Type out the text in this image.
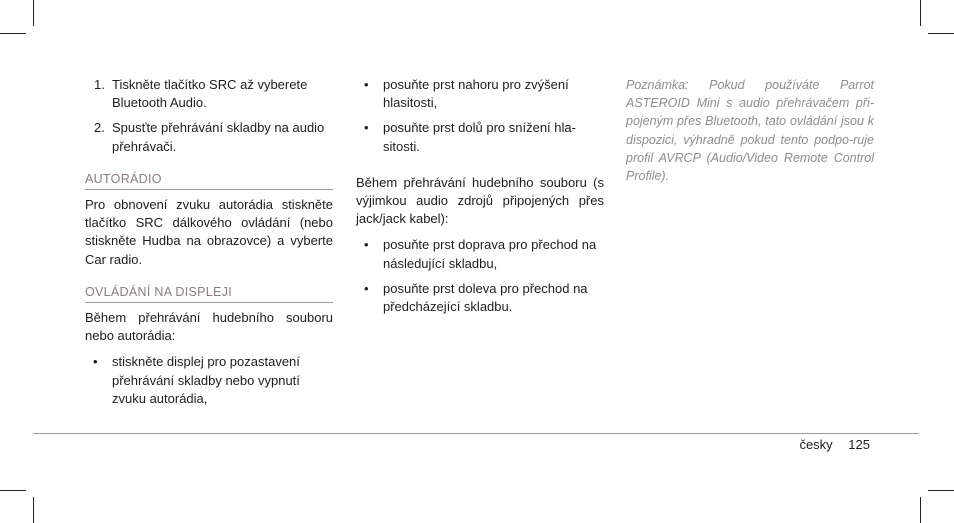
1. Tiskněte tlačítko SRC až vyberete Bluetooth Audio.
2. Spusťte přehrávání skladby na audio přehrávači.
AUTORÁDIO

Pro obnovení zvuku autorádia stiskněte tlačítko SRC dálkového ovládání (nebo stiskněte Hudba na obrazovce) a vyberte Car radio.

OVLÁDÁNÍ NA DISPLEJI

Během přehrávání hudebního souboru nebo autorádia:

• stiskněte displej pro pozastavení přehrávání skladby nebo vypnutí zvuku autorádia,
• posuňte prst nahoru pro zvýšení hlasitosti,
• posuňte prst dolů pro snížení hla-sitosti.

Během přehrávání hudebního souboru (s výjimkou audio zdrojů připojených přes jack/jack kabel):

• posuňte prst doprava pro přechod na následující skladbu,
• posuňte prst doleva pro přechod na předcházející skladbu.

Poznámka: Pokud používáte Parrot ASTEROID Mini s audio přehrávačem při-pojeným přes Bluetooth, tato ovládání jsou k dispozici, výhradně pokud tento podpo-ruje profil AVRCP (Audio/Video Remote Control Profile).

česky 125
